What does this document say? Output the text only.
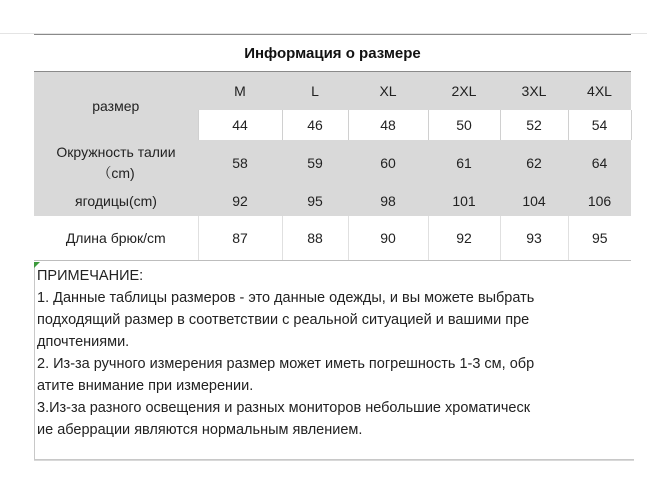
Информация о размере
размер	M	L	XL	2XL	3XL	4XL
	44	46	48	50	52	54
Окружность талии
（cm)	58	59	60	61	62	64
ягодицы(cm)	92	95	98	101	104	106
Длина брюк/cm	87	88	90	92	93	95

ПРИМЕЧАНИЕ:
1. Данные таблицы размеров - это данные одежды, и вы можете выбрать
подходящий размер в соответствии с реальной ситуацией и вашими пре
дпочтениями.
2. Из-за ручного измерения размер может иметь погрешность 1-3 см, обр
атите внимание при измерении.
3.Из-за разного освещения и разных мониторов небольшие хроматическ
ие аберрации являются нормальным явлением.
